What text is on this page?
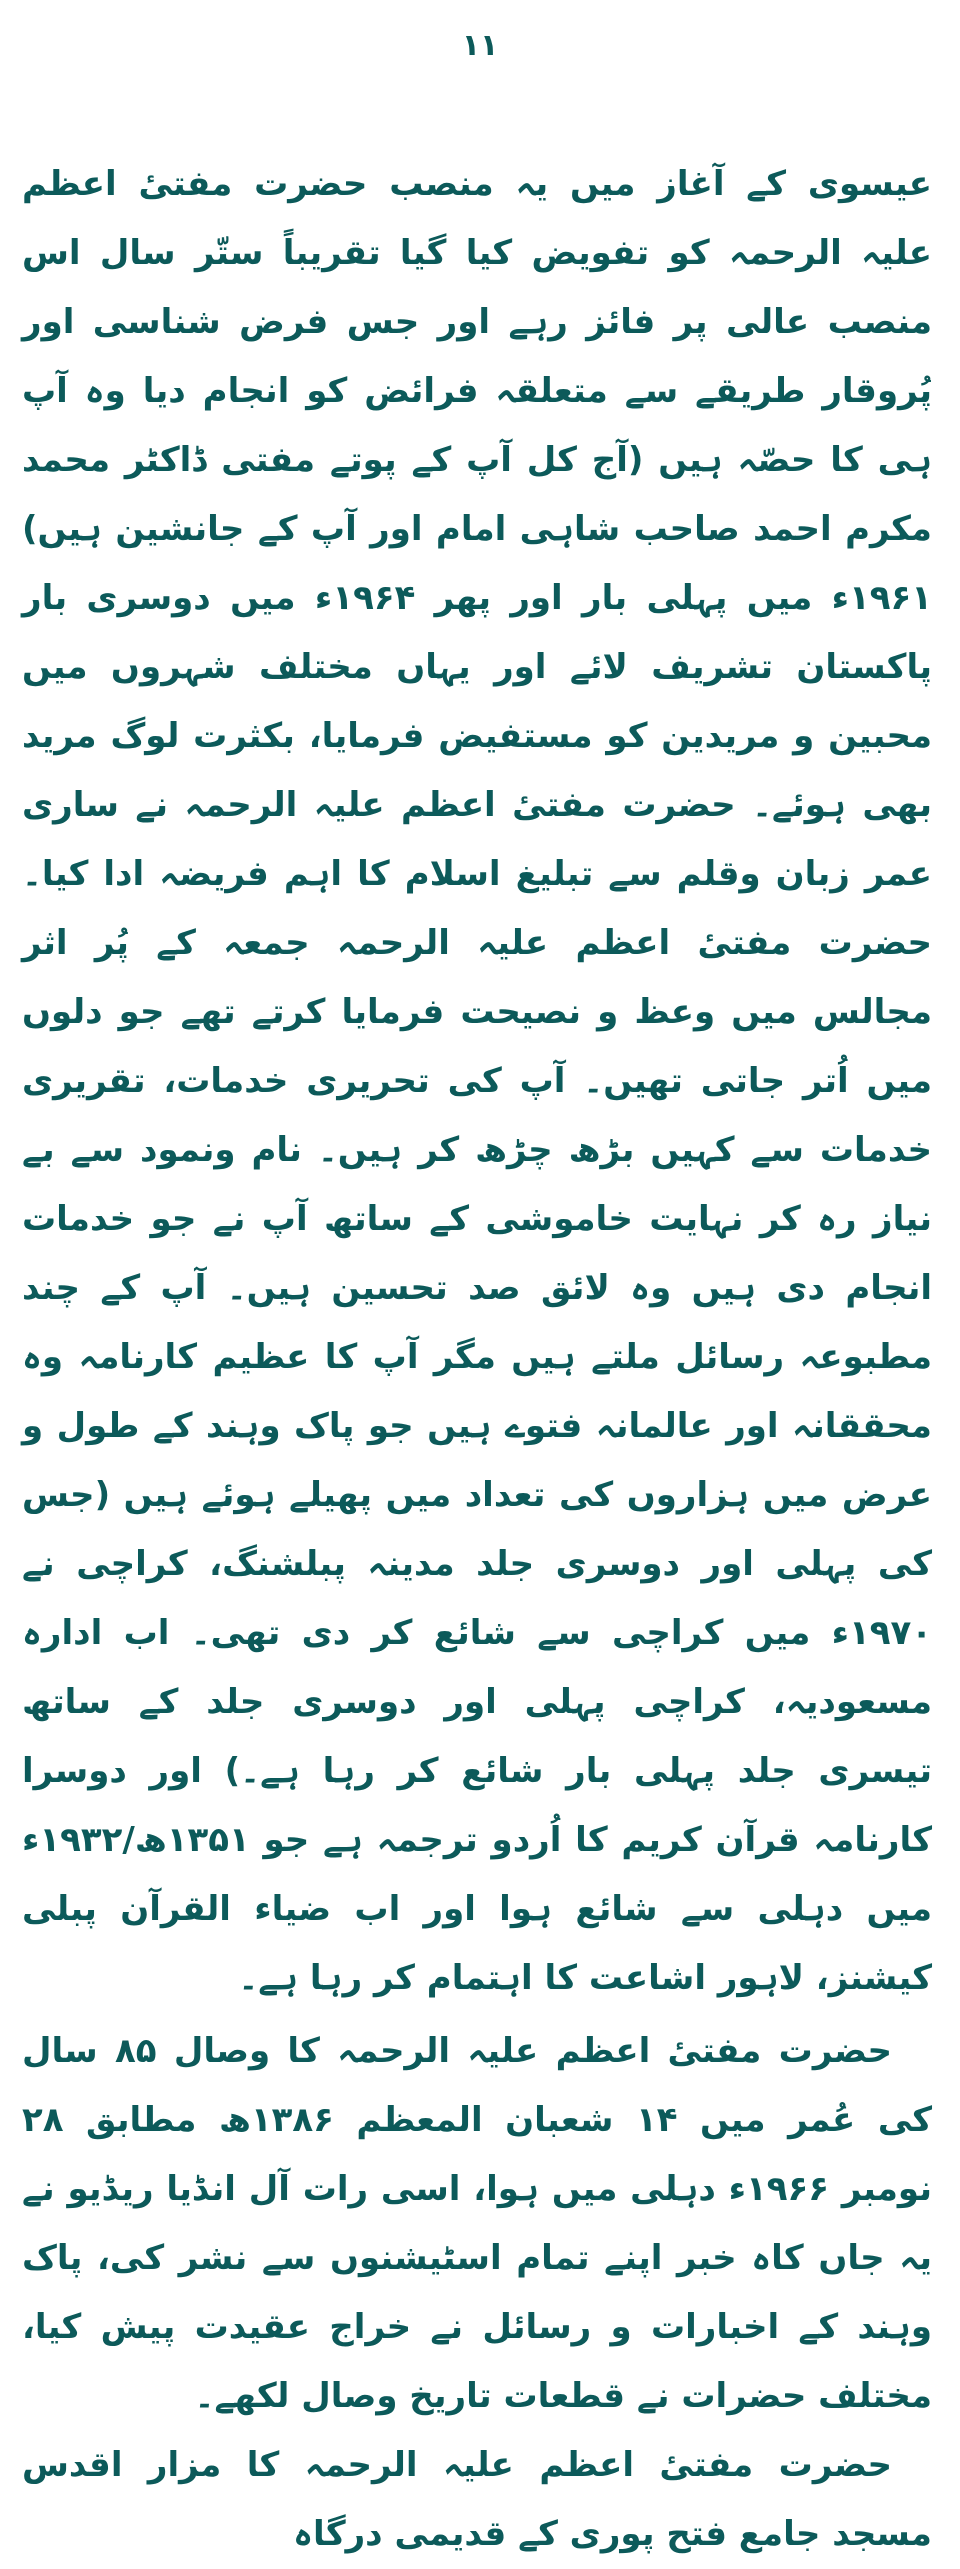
۱۱

عیسوی کے آغاز میں یہ منصب حضرت مفتیٔ اعظم علیہ الرحمہ کو تفویض کیا گیا تقریباً ستّر سال اس منصب عالی پر فائز رہے اور جس فرض شناسی اور پُروقار طریقے سے متعلقہ فرائض کو انجام دیا وہ آپ ہی کا حصّہ ہیں (آج کل آپ کے پوتے مفتی ڈاکٹر محمد مکرم احمد صاحب شاہی امام اور آپ کے جانشین ہیں) ۱۹۶۱ء میں پہلی بار اور پھر ۱۹۶۴ء میں دوسری بار پاکستان تشریف لائے اور یہاں مختلف شہروں میں محبین و مریدین کو مستفیض فرمایا، بکثرت لوگ مرید بھی ہوئے۔ حضرت مفتیٔ اعظم علیہ الرحمہ نے ساری عمر زبان وقلم سے تبلیغ اسلام کا اہم فریضہ ادا کیا۔ حضرت مفتیٔ اعظم علیہ الرحمہ جمعہ کے پُر اثر مجالس میں وعظ و نصیحت فرمایا کرتے تھے جو دلوں میں اُتر جاتی تھیں۔ آپ کی تحریری خدمات، تقریری خدمات سے کہیں بڑھ چڑھ کر ہیں۔ نام ونمود سے بے نیاز رہ کر نہایت خاموشی کے ساتھ آپ نے جو خدمات انجام دی ہیں وہ لائق صد تحسین ہیں۔ آپ کے چند مطبوعہ رسائل ملتے ہیں مگر آپ کا عظیم کارنامہ وہ محققانہ اور عالمانہ فتوے ہیں جو پاک وہند کے طول و عرض میں ہزاروں کی تعداد میں پھیلے ہوئے ہیں (جس کی پہلی اور دوسری جلد مدینہ پبلشنگ، کراچی نے ۱۹۷۰ء میں کراچی سے شائع کر دی تھی۔ اب ادارہ مسعودیہ، کراچی پہلی اور دوسری جلد کے ساتھ تیسری جلد پہلی بار شائع کر رہا ہے۔) اور دوسرا کارنامہ قرآن کریم کا اُردو ترجمہ ہے جو ۱۳۵۱ھ/۱۹۳۲ء میں دہلی سے شائع ہوا اور اب ضیاء القرآن پبلی کیشنز، لاہور اشاعت کا اہتمام کر رہا ہے۔

حضرت مفتیٔ اعظم علیہ الرحمہ کا وصال ۸۵ سال کی عُمر میں ۱۴ شعبان المعظم ۱۳۸۶ھ مطابق ۲۸ نومبر ۱۹۶۶ء دہلی میں ہوا، اسی رات آل انڈیا ریڈیو نے یہ جاں کاہ خبر اپنے تمام اسٹیشنوں سے نشر کی، پاک وہند کے اخبارات و رسائل نے خراج عقیدت پیش کیا، مختلف حضرات نے قطعات تاریخ وصال لکھے۔

حضرت مفتیٔ اعظم علیہ الرحمہ کا مزار اقدس مسجد جامع فتح پوری کے قدیمی درگاہ
